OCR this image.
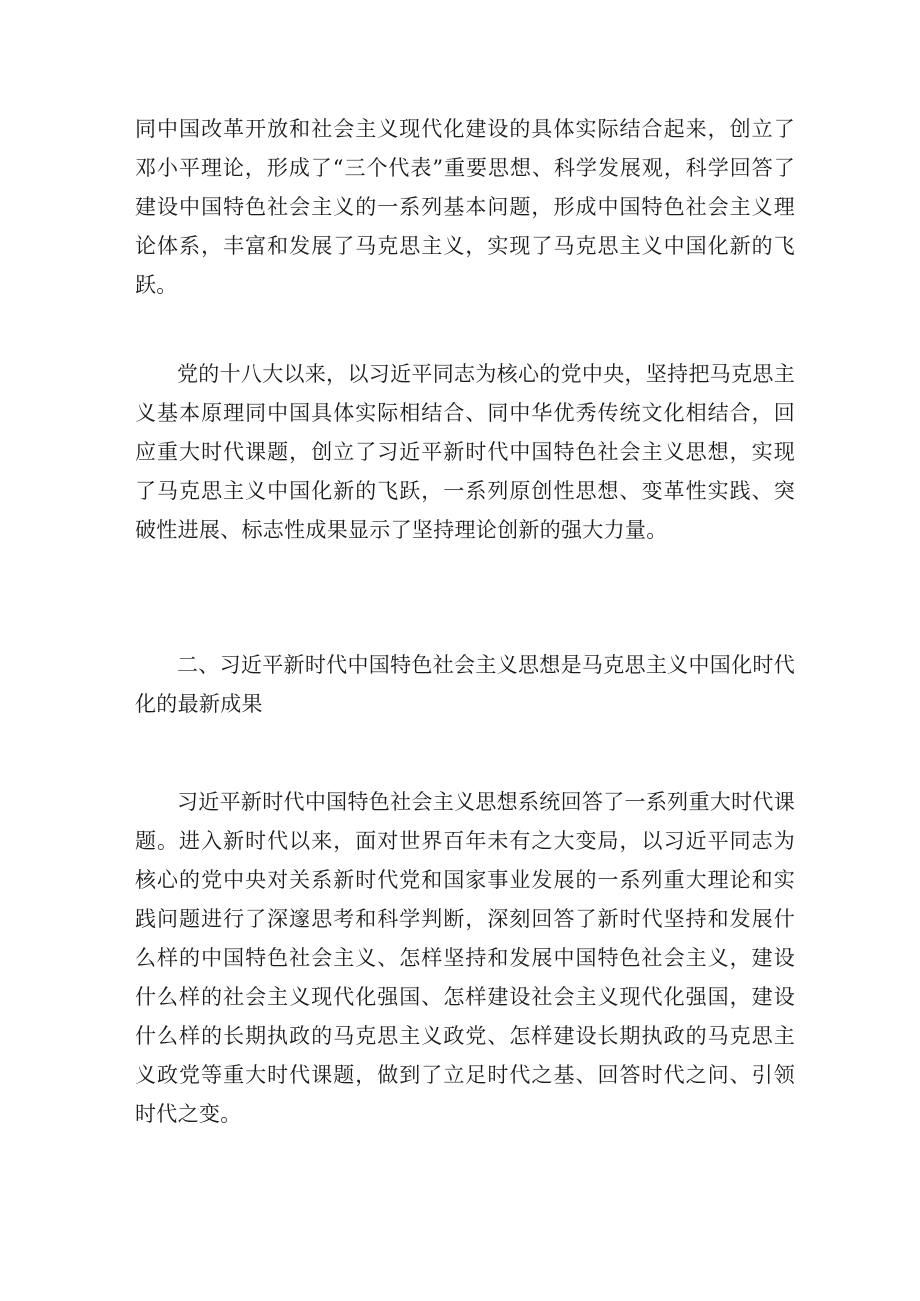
同中国改革开放和社会主义现代化建设的具体实际结合起来，创立了邓小平理论，形成了“三个代表”重要思想、科学发展观，科学回答了建设中国特色社会主义的一系列基本问题，形成中国特色社会主义理论体系，丰富和发展了马克思主义，实现了马克思主义中国化新的飞跃。

党的十八大以来，以习近平同志为核心的党中央，坚持把马克思主义基本原理同中国具体实际相结合、同中华优秀传统文化相结合，回应重大时代课题，创立了习近平新时代中国特色社会主义思想，实现了马克思主义中国化新的飞跃，一系列原创性思想、变革性实践、突破性进展、标志性成果显示了坚持理论创新的强大力量。

二、习近平新时代中国特色社会主义思想是马克思主义中国化时代化的最新成果

习近平新时代中国特色社会主义思想系统回答了一系列重大时代课题。进入新时代以来，面对世界百年未有之大变局，以习近平同志为核心的党中央对关系新时代党和国家事业发展的一系列重大理论和实践问题进行了深邃思考和科学判断，深刻回答了新时代坚持和发展什么样的中国特色社会主义、怎样坚持和发展中国特色社会主义，建设什么样的社会主义现代化强国、怎样建设社会主义现代化强国，建设什么样的长期执政的马克思主义政党、怎样建设长期执政的马克思主义政党等重大时代课题，做到了立足时代之基、回答时代之问、引领时代之变。
